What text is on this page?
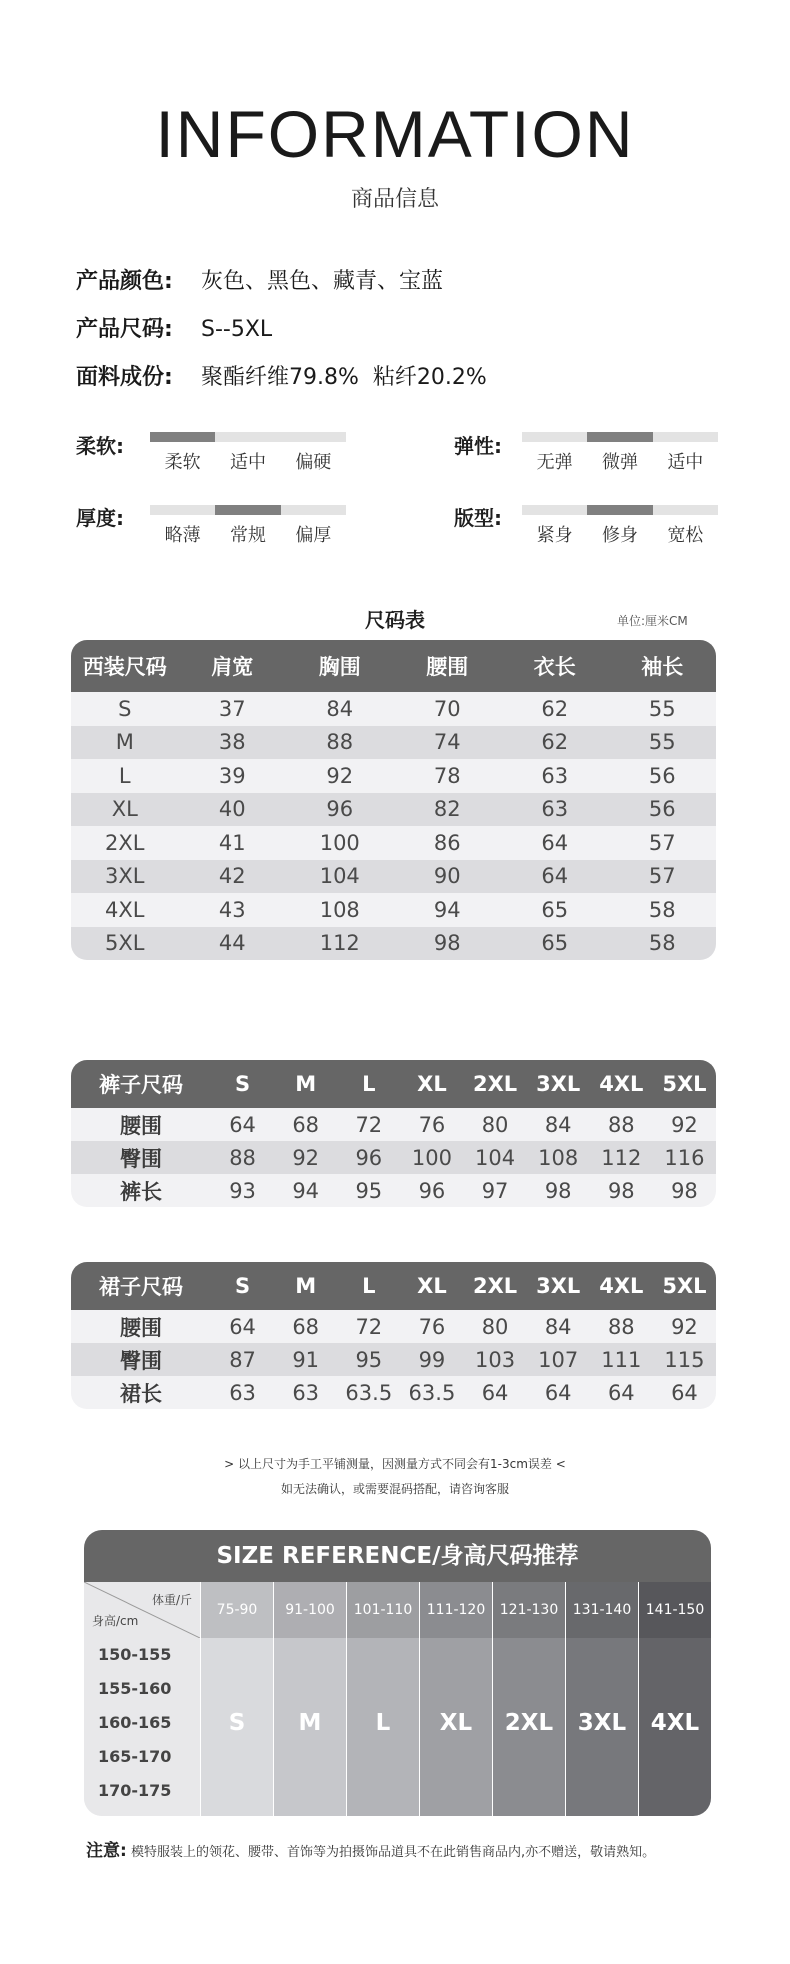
INFORMATION
商品信息
产品颜色: 灰色、黑色、藏青、宝蓝
产品尺码: S--5XL
面料成份: 聚酯纤维79.8%  粘纤20.2%
柔软:
柔软	适中	偏硬
弹性:
无弹	微弹	适中
厚度:
略薄	常规	偏厚
版型:
紧身	修身	宽松
尺码表	单位:厘米CM
西装尺码	肩宽	胸围	腰围	衣长	袖长
S	37	84	70	62	55
M	38	88	74	62	55
L	39	92	78	63	56
XL	40	96	82	63	56
2XL	41	100	86	64	57
3XL	42	104	90	64	57
4XL	43	108	94	65	58
5XL	44	112	98	65	58
裤子尺码	S	M	L	XL	2XL	3XL	4XL	5XL
腰围	64	68	72	76	80	84	88	92
臀围	88	92	96	100	104	108	112	116
裤长	93	94	95	96	97	98	98	98
裙子尺码	S	M	L	XL	2XL	3XL	4XL	5XL
腰围	64	68	72	76	80	84	88	92
臀围	87	91	95	99	103	107	111	115
裙长	63	63	63.5	63.5	64	64	64	64
> 以上尺寸为手工平铺测量，因测量方式不同会有1-3cm误差 <
如无法确认，或需要混码搭配，请咨询客服
SIZE REFERENCE/身高尺码推荐
体重/斤
身高/cm
150-155
155-160
160-165
165-170
170-175
75-90
S
91-100
M
101-110
L
111-120
XL
121-130
2XL
131-140
3XL
141-150
4XL
注意: 模特服装上的领花、腰带、首饰等为拍摄饰品道具不在此销售商品内,亦不赠送，敬请熟知。
